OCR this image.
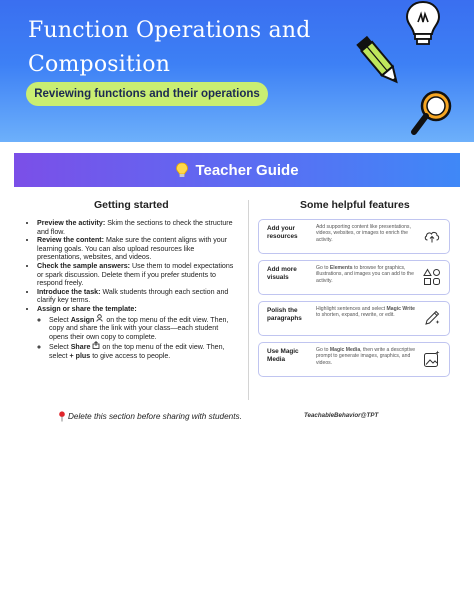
Function Operations and
Composition
Reviewing functions and their operations
Teacher Guide
Getting started	Some helpful features
• Preview the activity: Skim the sections to check the structure and flow.
• Review the content: Make sure the content aligns with your learning goals. You can also upload resources like presentations, websites, and videos.
• Check the sample answers: Use them to model expectations or spark discussion. Delete them if you prefer students to respond freely.
• Introduce the task: Walk students through each section and clarify key terms.
• Assign or share the template:
◦ Select Assign  on the top menu of the edit view. Then, copy and share the link with your class—each student opens their own copy to complete.
◦ Select Share  on the top menu of the edit view. Then, select + plus to give access to people.
Add your resources
Add supporting content like presentations, videos, websites, or images to enrich the activity.
Add more visuals
Go to Elements to browse for graphics, illustrations, and images you can add to the activity.
Polish the paragraphs
Highlight sentences and select Magic Write to shorten, expand, rewrite, or edit.
Use Magic Media
Go to Magic Media, then write a descriptive prompt to generate images, graphics, and videos.
Delete this section before sharing with students.	TeachableBehavior@TPT
